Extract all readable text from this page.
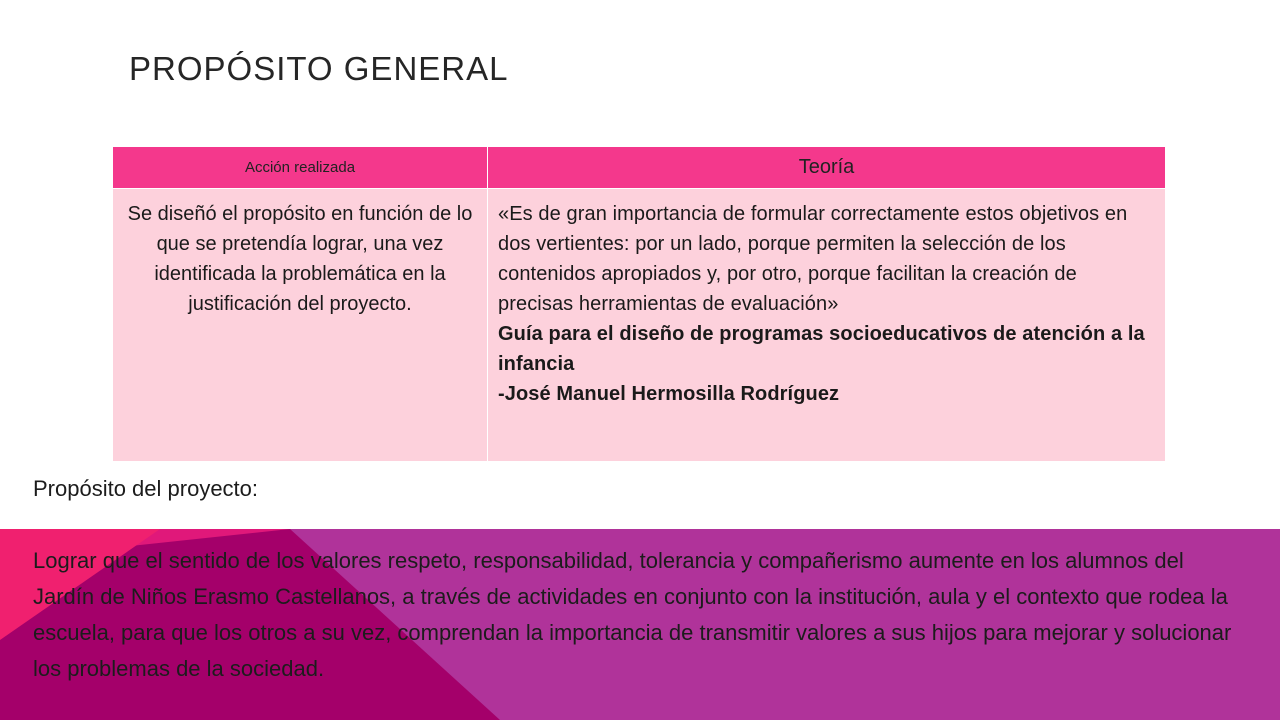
PROPÓSITO GENERAL
Acción realizada	Teoría
Se diseñó el propósito en función de lo que se pretendía lograr, una vez identificada la problemática en la justificación del proyecto.	«Es de gran importancia de formular correctamente estos objetivos en dos vertientes: por un lado, porque permiten la selección de los contenidos apropiados y, por otro, porque facilitan la creación de precisas herramientas de evaluación»

Guía para el diseño de programas socioeducativos de atención a la infancia

-José Manuel Hermosilla Rodríguez

Propósito del proyecto:

Lograr que el sentido de los valores respeto, responsabilidad, tolerancia y compañerismo aumente en los alumnos del Jardín de Niños Erasmo Castellanos, a través de actividades en conjunto con la institución, aula y el contexto que rodea la escuela, para que los otros a su vez, comprendan la importancia de transmitir valores a sus hijos para mejorar y solucionar los problemas de la sociedad.
